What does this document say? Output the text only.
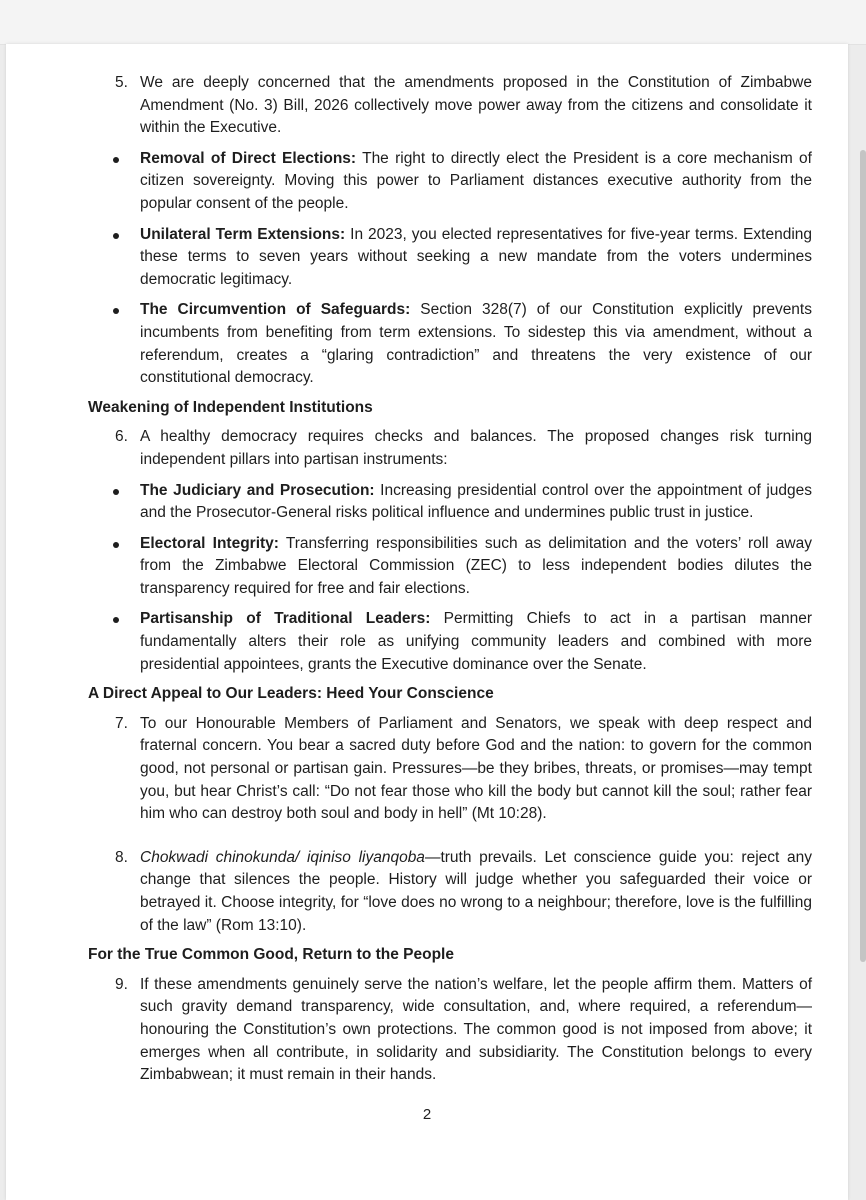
5. We are deeply concerned that the amendments proposed in the Constitution of Zimbabwe Amendment (No. 3) Bill, 2026 collectively move power away from the citizens and consolidate it within the Executive.
Removal of Direct Elections: The right to directly elect the President is a core mechanism of citizen sovereignty. Moving this power to Parliament distances executive authority from the popular consent of the people.
Unilateral Term Extensions: In 2023, you elected representatives for five-year terms. Extending these terms to seven years without seeking a new mandate from the voters undermines democratic legitimacy.
The Circumvention of Safeguards: Section 328(7) of our Constitution explicitly prevents incumbents from benefiting from term extensions. To sidestep this via amendment, without a referendum, creates a “glaring contradiction” and threatens the very existence of our constitutional democracy.
Weakening of Independent Institutions
6. A healthy democracy requires checks and balances. The proposed changes risk turning independent pillars into partisan instruments:
The Judiciary and Prosecution: Increasing presidential control over the appointment of judges and the Prosecutor-General risks political influence and undermines public trust in justice.
Electoral Integrity: Transferring responsibilities such as delimitation and the voters’ roll away from the Zimbabwe Electoral Commission (ZEC) to less independent bodies dilutes the transparency required for free and fair elections.
Partisanship of Traditional Leaders: Permitting Chiefs to act in a partisan manner fundamentally alters their role as unifying community leaders and combined with more presidential appointees, grants the Executive dominance over the Senate.
A Direct Appeal to Our Leaders: Heed Your Conscience
7. To our Honourable Members of Parliament and Senators, we speak with deep respect and fraternal concern. You bear a sacred duty before God and the nation: to govern for the common good, not personal or partisan gain. Pressures—be they bribes, threats, or promises—may tempt you, but hear Christ’s call: “Do not fear those who kill the body but cannot kill the soul; rather fear him who can destroy both soul and body in hell” (Mt 10:28).
8. Chokwadi chinokunda/ iqiniso liyanqoba—truth prevails. Let conscience guide you: reject any change that silences the people. History will judge whether you safeguarded their voice or betrayed it. Choose integrity, for “love does no wrong to a neighbour; therefore, love is the fulfilling of the law” (Rom 13:10).
For the True Common Good, Return to the People
9. If these amendments genuinely serve the nation’s welfare, let the people affirm them. Matters of such gravity demand transparency, wide consultation, and, where required, a referendum—honouring the Constitution’s own protections. The common good is not imposed from above; it emerges when all contribute, in solidarity and subsidiarity. The Constitution belongs to every Zimbabwean; it must remain in their hands.
2
